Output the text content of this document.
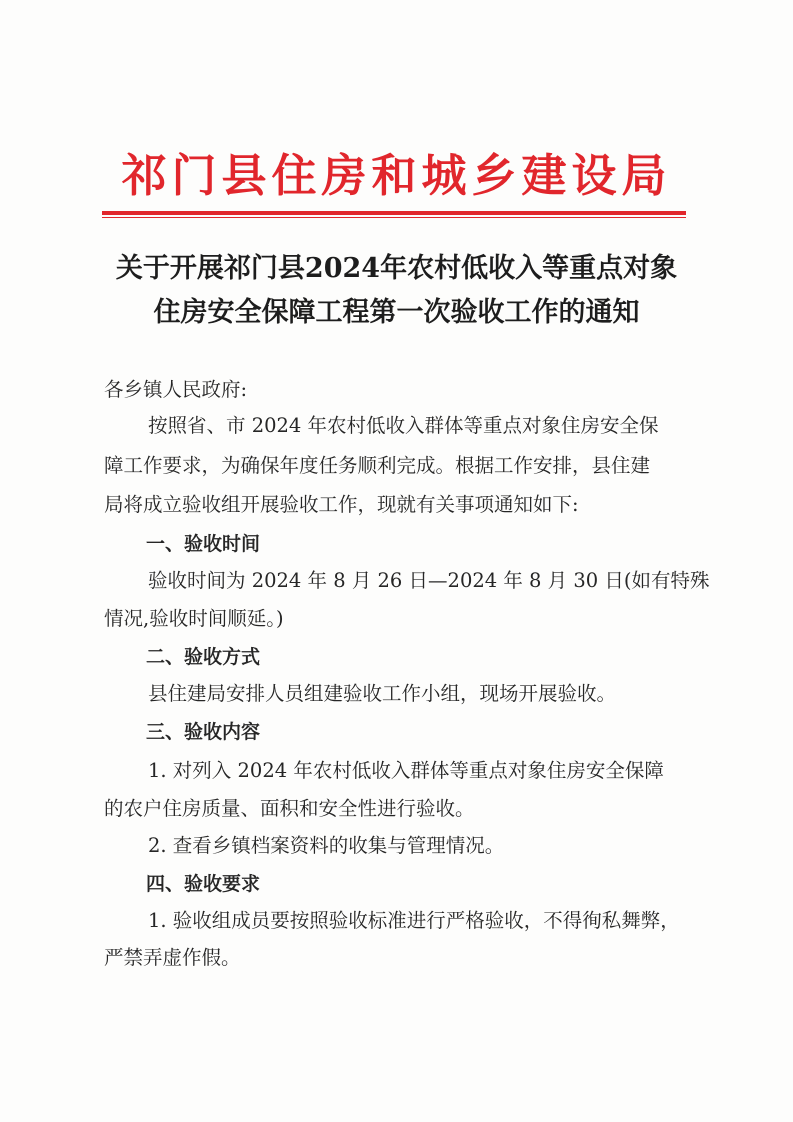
祁门县住房和城乡建设局
关于开展祁门县2024年农村低收入等重点对象
住房安全保障工程第一次验收工作的通知
各乡镇人民政府:
按照省、市 2024 年农村低收入群体等重点对象住房安全保
障工作要求，为确保年度任务顺利完成。根据工作安排，县住建
局将成立验收组开展验收工作，现就有关事项通知如下:
一、验收时间
验收时间为 2024 年 8 月 26 日—2024 年 8 月 30 日(如有特殊
情况,验收时间顺延。)
二、验收方式
县住建局安排人员组建验收工作小组，现场开展验收。
三、验收内容
1. 对列入 2024 年农村低收入群体等重点对象住房安全保障
的农户住房质量、面积和安全性进行验收。
2. 查看乡镇档案资料的收集与管理情况。
四、验收要求
1. 验收组成员要按照验收标准进行严格验收，不得徇私舞弊，
严禁弄虚作假。
